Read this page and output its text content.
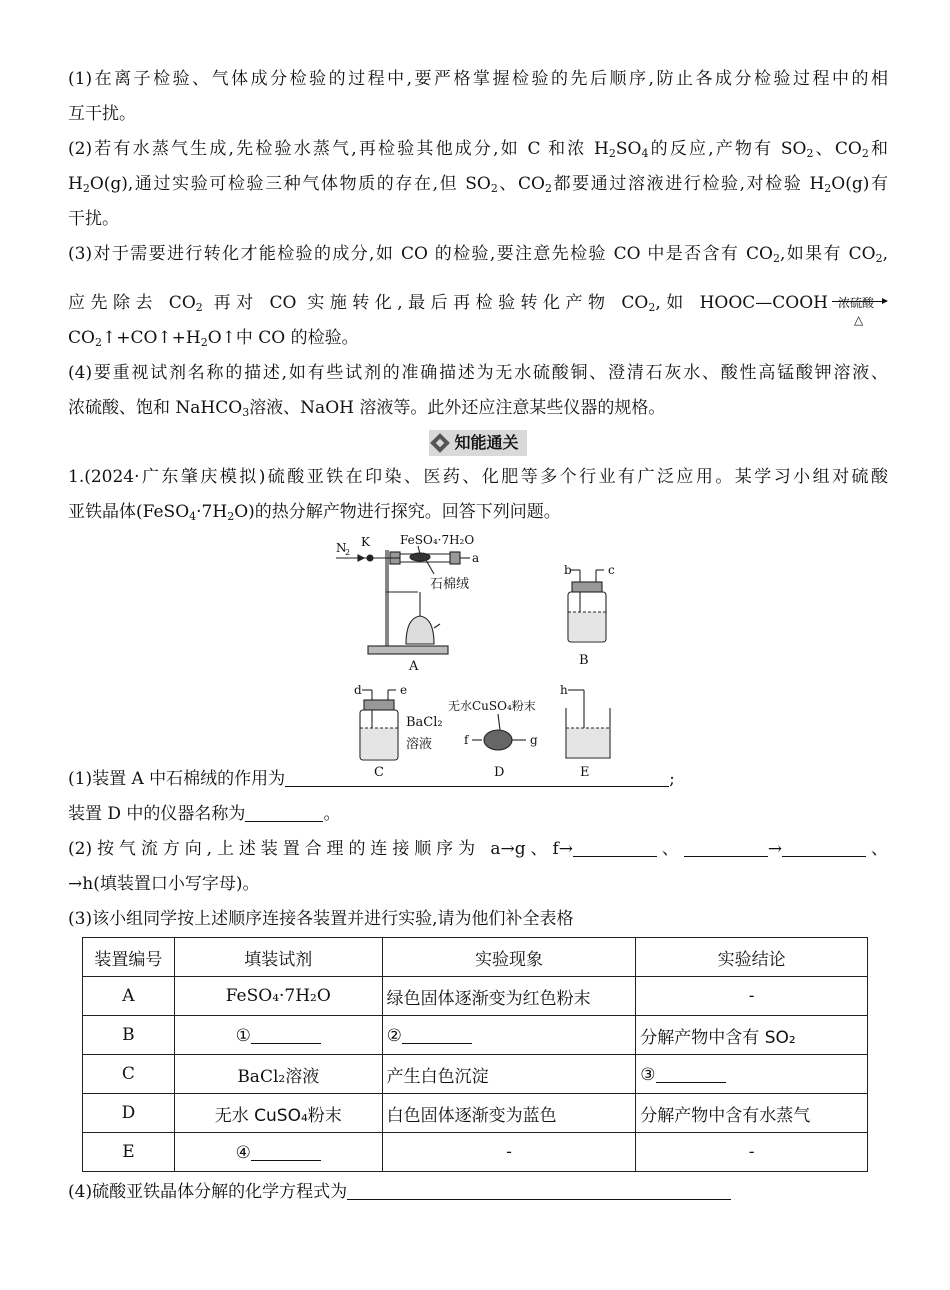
(1)在离子检验、气体成分检验的过程中,要严格掌握检验的先后顺序,防止各成分检验过程中的相

互干扰。

(2)若有水蒸气生成,先检验水蒸气,再检验其他成分,如 C 和浓 $H_2SO_4$的反应,产物有 $SO_2$、$CO_2$和

$H_2O(g)$,通过实验可检验三种气体物质的存在,但 $SO_2$、$CO_2$都要通过溶液进行检验,对检验 $H_2O(g)$有

干扰。

(3)对于需要进行转化才能检验的成分,如 CO 的检验,要注意先检验 CO 中是否含有 $CO_2$,如果有 $CO_2$,

应先除去 $CO_2$ 再对 CO 实施转化,最后再检验转化产物 $CO_2$,如 HOOC—COOH 浓硫酸
△

$CO_2↑+CO↑+H_2O↑$中 CO 的检验。

(4)要重视试剂名称的描述,如有些试剂的准确描述为无水硫酸铜、澄清石灰水、酸性高锰酸钾溶液、

浓硫酸、饱和 NaHCO$_3$溶液、NaOH 溶液等。此外还应注意某些仪器的规格。

知能通关

1.(2024·广东肇庆模拟)硫酸亚铁在印染、医药、化肥等多个行业有广泛应用。某学习小组对硫酸

亚铁晶体$(FeSO_4\cdot 7H_2O)$的热分解产物进行探究。回答下列问题。

N
2
K	FeSO₄·7H₂O
a
石棉绒
A
b	c
B
d	e
BaCl₂
溶液
C
无水CuSO₄粉末
f	g
D
h
E

(1)装置 A 中石棉绒的作用为	;

装置 D 中的仪器名称为	。

(2)按气流方向,上述装置合理的连接顺序为 a→g、f→	、	→	、

→h(填装置口小写字母)。

(3)该小组同学按上述顺序连接各装置并进行实验,请为他们补全表格

装置编号	填装试剂	实验现象	实验结论
A	FeSO₄·7H₂O	绿色固体逐渐变为红色粉末	-
B	①	②	分解产物中含有 SO₂
C	BaCl₂溶液	产生白色沉淀	③
D	无水 CuSO₄粉末	白色固体逐渐变为蓝色	分解产物中含有水蒸气
E	④	-	-

(4)硫酸亚铁晶体分解的化学方程式为
